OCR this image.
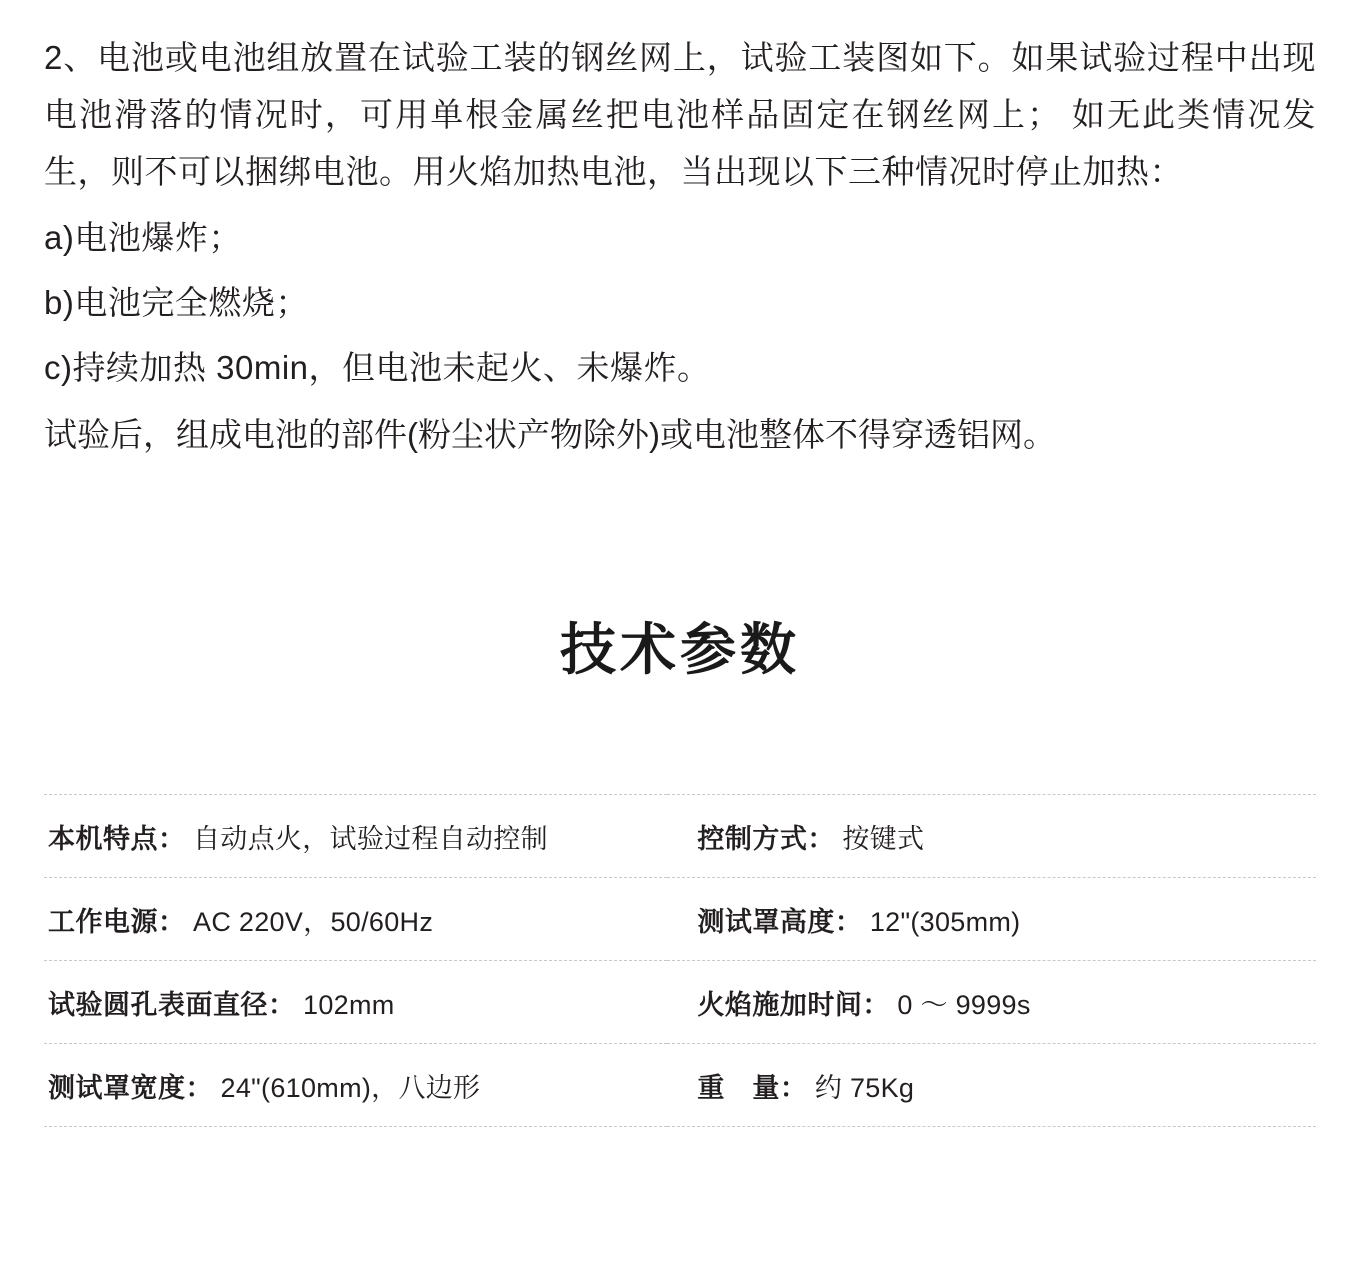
2、电池或电池组放置在试验工装的钢丝网上，试验工装图如下。如果试验过程中出现电池滑落的情况时，可用单根金属丝把电池样品固定在钢丝网上； 如无此类情况发生，则不可以捆绑电池。用火焰加热电池，当出现以下三种情况时停止加热：

a)电池爆炸；

b)电池完全燃烧；

c)持续加热 30min，但电池未起火、未爆炸。

试验后，组成电池的部件(粉尘状产物除外)或电池整体不得穿透铝网。

技术参数
本机特点： 自动点火，试验过程自动控制	控制方式： 按键式
工作电源： AC 220V，50/60Hz	测试罩高度： 12"(305mm)
试验圆孔表面直径： 102mm	火焰施加时间： 0 ～ 9999s
测试罩宽度： 24"(610mm)，八边形	重　量： 约 75Kg
